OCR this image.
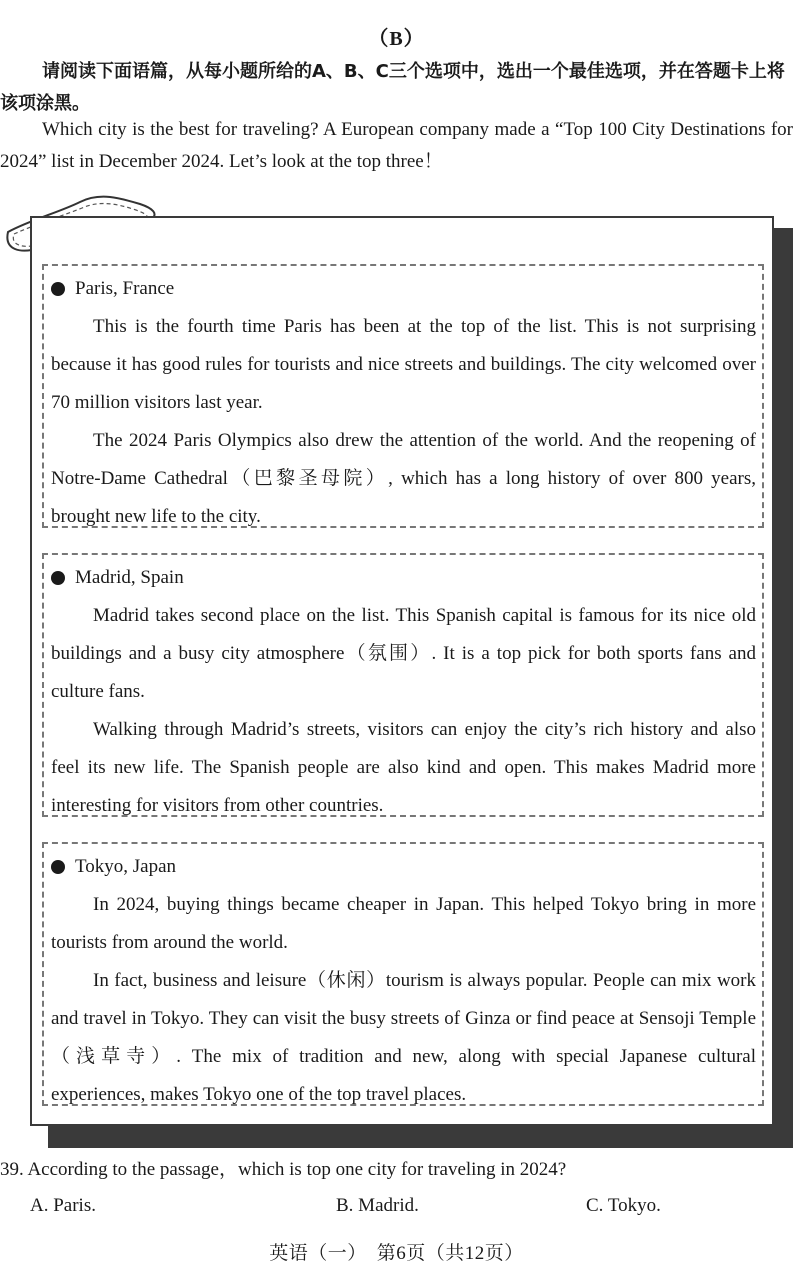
（B）
请阅读下面语篇，从每小题所给的A、B、C三个选项中，选出一个最佳选项，并在答题卡上将该项涂黑。
Which city is the best for traveling? A European company made a “Top 100 City Destinations for 2024” list in December 2024. Let’s look at the top three！
Paris, France

This is the fourth time Paris has been at the top of the list. This is not surprising because it has good rules for tourists and nice streets and buildings. The city welcomed over 70 million visitors last year.

The 2024 Paris Olympics also drew the attention of the world. And the reopening of Notre-Dame Cathedral（巴黎圣母院）, which has a long history of over 800 years, brought new life to the city.

Madrid, Spain

Madrid takes second place on the list. This Spanish capital is famous for its nice old buildings and a busy city atmosphere（氛围）. It is a top pick for both sports fans and culture fans.

Walking through Madrid’s streets, visitors can enjoy the city’s rich history and also feel its new life. The Spanish people are also kind and open. This makes Madrid more interesting for visitors from other countries.

Tokyo, Japan

In 2024, buying things became cheaper in Japan. This helped Tokyo bring in more tourists from around the world.

In fact, business and leisure（休闲）tourism is always popular. People can mix work and travel in Tokyo. They can visit the busy streets of Ginza or find peace at Sensoji Temple（浅草寺）. The mix of tradition and new, along with special Japanese cultural experiences, makes Tokyo one of the top travel places.

39. According to the passage，which is top one city for traveling in 2024?
A. Paris.	B. Madrid.	C. Tokyo.
英语（一）　第6页（共12页）
